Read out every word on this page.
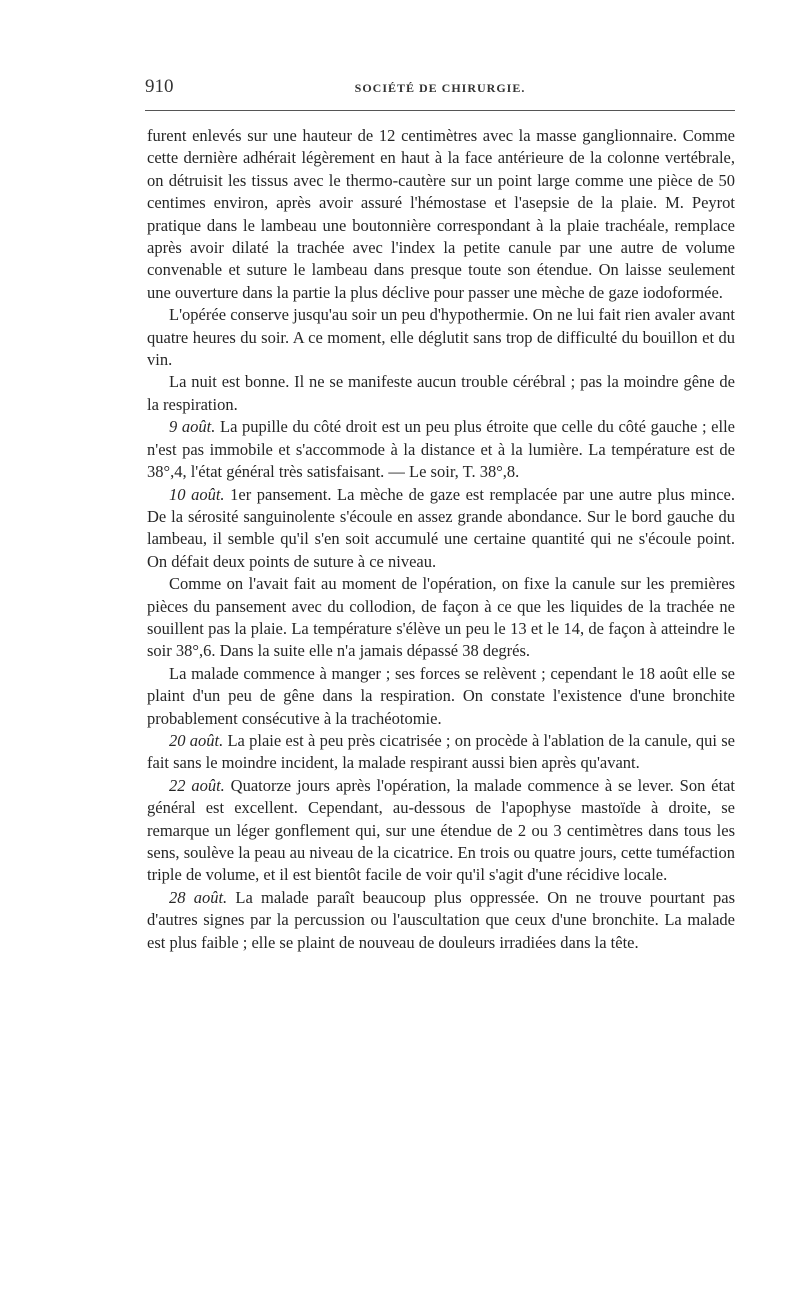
910	SOCIÉTÉ DE CHIRURGIE.

furent enlevés sur une hauteur de 12 centimètres avec la masse ganglionnaire. Comme cette dernière adhérait légèrement en haut à la face antérieure de la colonne vertébrale, on détruisit les tissus avec le thermo-cautère sur un point large comme une pièce de 50 centimes environ, après avoir assuré l'hémostase et l'asepsie de la plaie. M. Peyrot pratique dans le lambeau une boutonnière correspondant à la plaie trachéale, remplace après avoir dilaté la trachée avec l'index la petite canule par une autre de volume convenable et suture le lambeau dans presque toute son étendue. On laisse seulement une ouverture dans la partie la plus déclive pour passer une mèche de gaze iodoformée.

L'opérée conserve jusqu'au soir un peu d'hypothermie. On ne lui fait rien avaler avant quatre heures du soir. A ce moment, elle déglutit sans trop de difficulté du bouillon et du vin.

La nuit est bonne. Il ne se manifeste aucun trouble cérébral ; pas la moindre gêne de la respiration.

9 août. La pupille du côté droit est un peu plus étroite que celle du côté gauche ; elle n'est pas immobile et s'accommode à la distance et à la lumière. La température est de 38°,4, l'état général très satisfaisant. — Le soir, T. 38°,8.

10 août. 1er pansement. La mèche de gaze est remplacée par une autre plus mince. De la sérosité sanguinolente s'écoule en assez grande abondance. Sur le bord gauche du lambeau, il semble qu'il s'en soit accumulé une certaine quantité qui ne s'écoule point. On défait deux points de suture à ce niveau.

Comme on l'avait fait au moment de l'opération, on fixe la canule sur les premières pièces du pansement avec du collodion, de façon à ce que les liquides de la trachée ne souillent pas la plaie. La température s'élève un peu le 13 et le 14, de façon à atteindre le soir 38°,6. Dans la suite elle n'a jamais dépassé 38 degrés.

La malade commence à manger ; ses forces se relèvent ; cependant le 18 août elle se plaint d'un peu de gêne dans la respiration. On constate l'existence d'une bronchite probablement consécutive à la trachéotomie.

20 août. La plaie est à peu près cicatrisée ; on procède à l'ablation de la canule, qui se fait sans le moindre incident, la malade respirant aussi bien après qu'avant.

22 août. Quatorze jours après l'opération, la malade commence à se lever. Son état général est excellent. Cependant, au-dessous de l'apophyse mastoïde à droite, se remarque un léger gonflement qui, sur une étendue de 2 ou 3 centimètres dans tous les sens, soulève la peau au niveau de la cicatrice. En trois ou quatre jours, cette tuméfaction triple de volume, et il est bientôt facile de voir qu'il s'agit d'une récidive locale.

28 août. La malade paraît beaucoup plus oppressée. On ne trouve pourtant pas d'autres signes par la percussion ou l'auscultation que ceux d'une bronchite. La malade est plus faible ; elle se plaint de nouveau de douleurs irradiées dans la tête.
